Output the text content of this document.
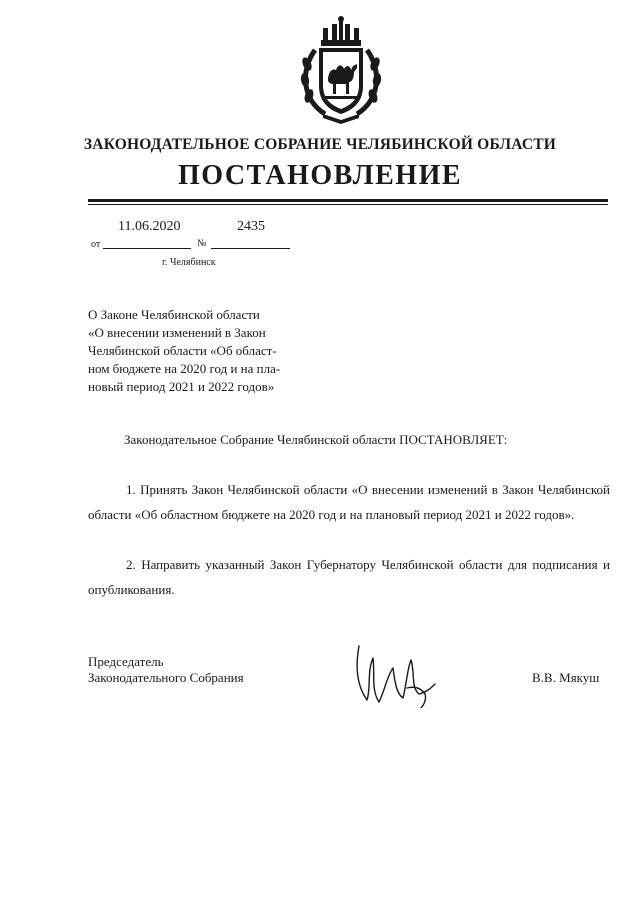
ЗАКОНОДАТЕЛЬНОЕ СОБРАНИЕ ЧЕЛЯБИНСКОЙ ОБЛАСТИ
ПОСТАНОВЛЕНИЕ
11.06.2020	2435
от	№
г. Челябинск
О Законе Челябинской области
«О внесении изменений в Закон
Челябинской области «Об област-
ном бюджете на 2020 год и на пла-
новый период 2021 и 2022 годов»
Законодательное Собрание Челябинской области ПОСТАНОВЛЯЕТ:
1. Принять Закон Челябинской области «О внесении изменений в Закон Челябинской области «Об областном бюджете на 2020 год и на плановый период 2021 и 2022 годов».
2. Направить указанный Закон Губернатору Челябинской области для подписания и опубликования.
Председатель
Законодательного Собрания	В.В. Мякуш
